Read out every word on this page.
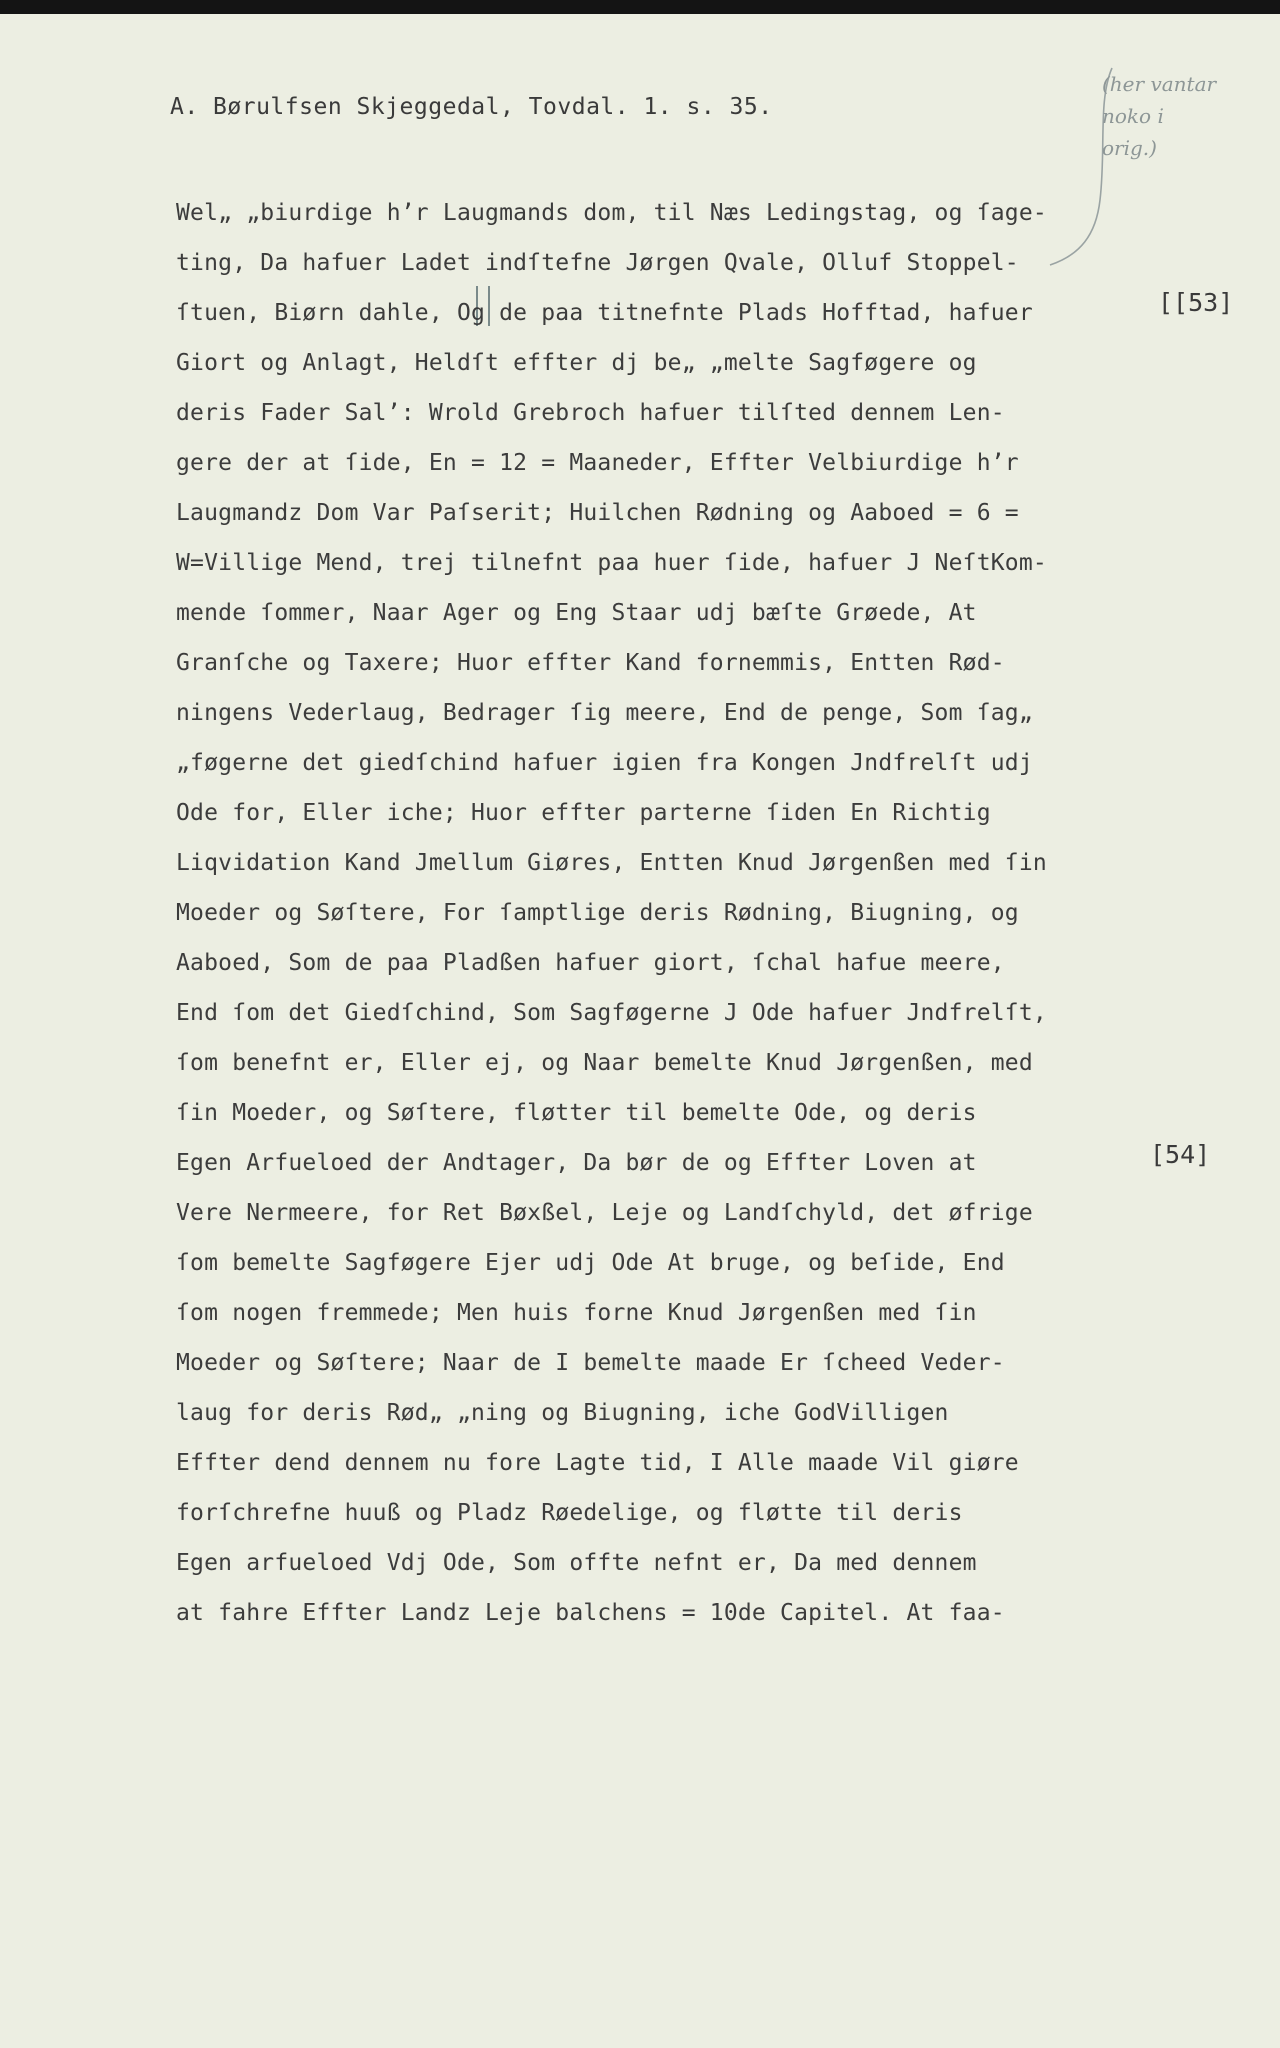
A. Børulfsen Skjeggedal, Tovdal. 1. s. 35.
(her vantar
noko i
orig.)
Wel„ „biurdige h’r Laugmands dom, til Næs Ledingstag, og ſage-
ting, Da hafuer Ladet indſtefne Jørgen Qvale, Olluf Stoppel-
ſtuen, Biørn dahle, Og de paa titnefnte Plads Hofftad, hafuer
Giort og Anlagt, Heldſt effter dj be„ „melte Sagføgere og
deris Fader Sal’: Wrold Grebroch hafuer tilſted dennem Len-
gere der at ſide, En = 12 = Maaneder, Effter Velbiurdige h’r
Laugmandz Dom Var Paſserit; Huilchen Rødning og Aaboed = 6 =
W=Villige Mend, trej tilnefnt paa huer ſide, hafuer J NeſtKom-
mende ſommer, Naar Ager og Eng Staar udj bæſte Grøede, At
Granſche og Taxere; Huor effter Kand fornemmis, Entten Rød-
ningens Vederlaug, Bedrager ſig meere, End de penge, Som ſag„
„føgerne det giedſchind hafuer igien fra Kongen Jndfrelſt udj
Ode for, Eller iche; Huor effter parterne ſiden En Richtig
Liqvidation Kand Jmellum Giøres, Entten Knud Jørgenßen med ſin
Moeder og Søſtere, For ſamptlige deris Rødning, Biugning, og
Aaboed, Som de paa Pladßen hafuer giort, ſchal hafue meere,
End ſom det Giedſchind, Som Sagføgerne J Ode hafuer Jndfrelſt,
ſom benefnt er, Eller ej, og Naar bemelte Knud Jørgenßen, med
ſin Moeder, og Søſtere, fløtter til bemelte Ode, og deris
Egen Arfueloed der Andtager, Da bør de og Effter Loven at
Vere Nermeere, for Ret Bøxßel, Leje og Landſchyld, det øfrige
ſom bemelte Sagføgere Ejer udj Ode At bruge, og beſide, End
ſom nogen fremmede; Men huis forne Knud Jørgenßen med ſin
Moeder og Søſtere; Naar de I bemelte maade Er ſcheed Veder-
laug for deris Rød„ „ning og Biugning, iche GodVilligen
Effter dend dennem nu fore Lagte tid, I Alle maade Vil giøre
forſchrefne huuß og Pladz Røedelige, og fløtte til deris
Egen arfueloed Vdj Ode, Som offte nefnt er, Da med dennem
at fahre Effter Landz Leje balchens = 10de Capitel. At faa-
[[53]
[54]
